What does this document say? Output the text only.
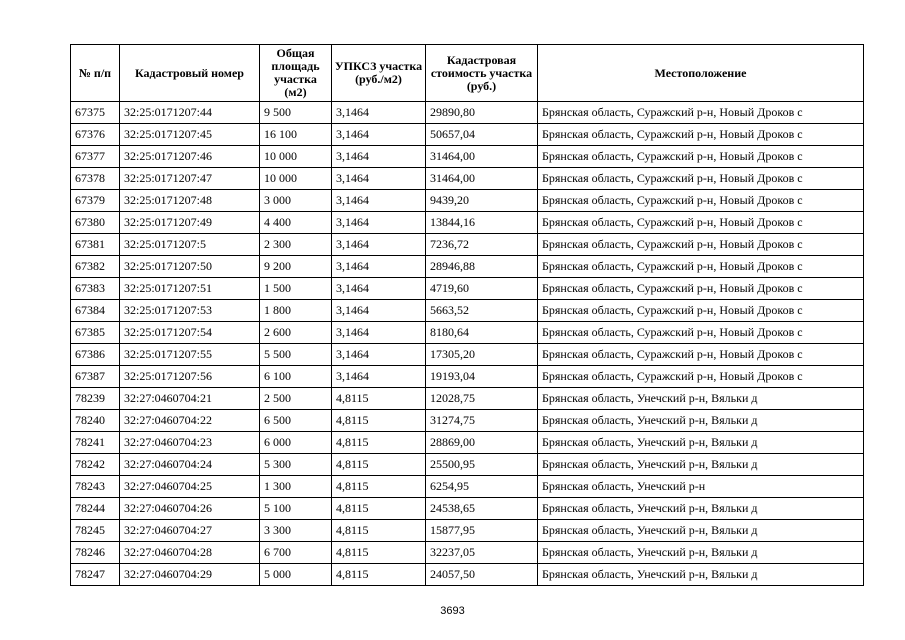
№ п/п	Кадастровый номер	Общая площадь участка (м2)	УПКСЗ участка (руб./м2)	Кадастровая стоимость участка (руб.)	Местоположение
67375	32:25:0171207:44	9 500	3,1464	29890,80	Брянская область, Суражский р-н, Новый Дроков с
67376	32:25:0171207:45	16 100	3,1464	50657,04	Брянская область, Суражский р-н, Новый Дроков с
67377	32:25:0171207:46	10 000	3,1464	31464,00	Брянская область, Суражский р-н, Новый Дроков с
67378	32:25:0171207:47	10 000	3,1464	31464,00	Брянская область, Суражский р-н, Новый Дроков с
67379	32:25:0171207:48	3 000	3,1464	9439,20	Брянская область, Суражский р-н, Новый Дроков с
67380	32:25:0171207:49	4 400	3,1464	13844,16	Брянская область, Суражский р-н, Новый Дроков с
67381	32:25:0171207:5	2 300	3,1464	7236,72	Брянская область, Суражский р-н, Новый Дроков с
67382	32:25:0171207:50	9 200	3,1464	28946,88	Брянская область, Суражский р-н, Новый Дроков с
67383	32:25:0171207:51	1 500	3,1464	4719,60	Брянская область, Суражский р-н, Новый Дроков с
67384	32:25:0171207:53	1 800	3,1464	5663,52	Брянская область, Суражский р-н, Новый Дроков с
67385	32:25:0171207:54	2 600	3,1464	8180,64	Брянская область, Суражский р-н, Новый Дроков с
67386	32:25:0171207:55	5 500	3,1464	17305,20	Брянская область, Суражский р-н, Новый Дроков с
67387	32:25:0171207:56	6 100	3,1464	19193,04	Брянская область, Суражский р-н, Новый Дроков с
78239	32:27:0460704:21	2 500	4,8115	12028,75	Брянская область, Унечский р-н, Вяльки д
78240	32:27:0460704:22	6 500	4,8115	31274,75	Брянская область, Унечский р-н, Вяльки д
78241	32:27:0460704:23	6 000	4,8115	28869,00	Брянская область, Унечский р-н, Вяльки д
78242	32:27:0460704:24	5 300	4,8115	25500,95	Брянская область, Унечский р-н, Вяльки д
78243	32:27:0460704:25	1 300	4,8115	6254,95	Брянская область, Унечский р-н
78244	32:27:0460704:26	5 100	4,8115	24538,65	Брянская область, Унечский р-н, Вяльки д
78245	32:27:0460704:27	3 300	4,8115	15877,95	Брянская область, Унечский р-н, Вяльки д
78246	32:27:0460704:28	6 700	4,8115	32237,05	Брянская область, Унечский р-н, Вяльки д
78247	32:27:0460704:29	5 000	4,8115	24057,50	Брянская область, Унечский р-н, Вяльки д
3693
